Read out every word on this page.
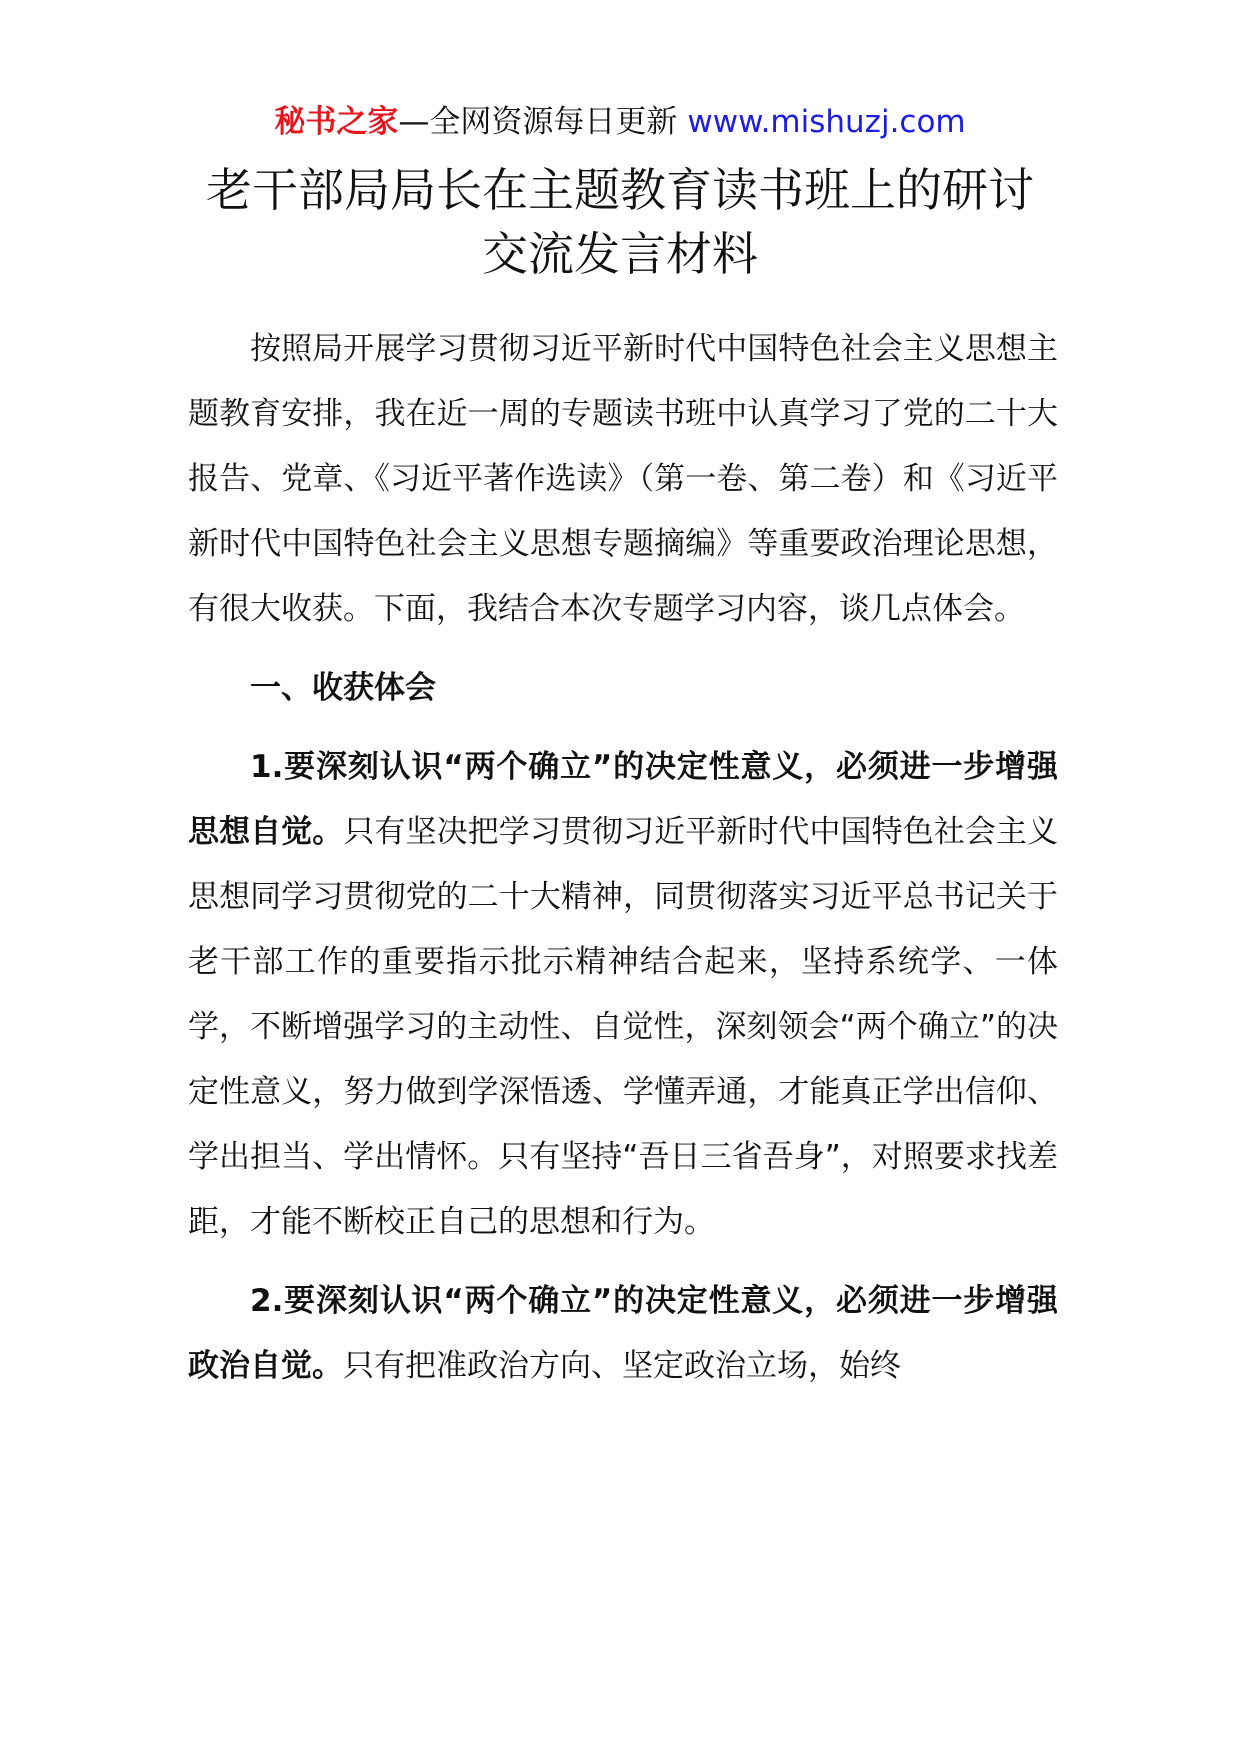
秘书之家—全网资源每日更新 www.mishuzj.com
老干部局局长在主题教育读书班上的研讨
交流发言材料

按照局开展学习贯彻习近平新时代中国特色社会主义思想主题教育安排，我在近一周的专题读书班中认真学习了党的二十大报告、党章、《习近平著作选读》（第一卷、第二卷）和《习近平新时代中国特色社会主义思想专题摘编》等重要政治理论思想，有很大收获。下面，我结合本次专题学习内容，谈几点体会。

一、收获体会

1.要深刻认识“两个确立”的决定性意义，必须进一步增强思想自觉。只有坚决把学习贯彻习近平新时代中国特色社会主义思想同学习贯彻党的二十大精神，同贯彻落实习近平总书记关于老干部工作的重要指示批示精神结合起来，坚持系统学、一体学，不断增强学习的主动性、自觉性，深刻领会“两个确立”的决定性意义，努力做到学深悟透、学懂弄通，才能真正学出信仰、学出担当、学出情怀。只有坚持“吾日三省吾身”，对照要求找差距，才能不断校正自己的思想和行为。

2.要深刻认识“两个确立”的决定性意义，必须进一步增强政治自觉。只有把准政治方向、坚定政治立场，始终
